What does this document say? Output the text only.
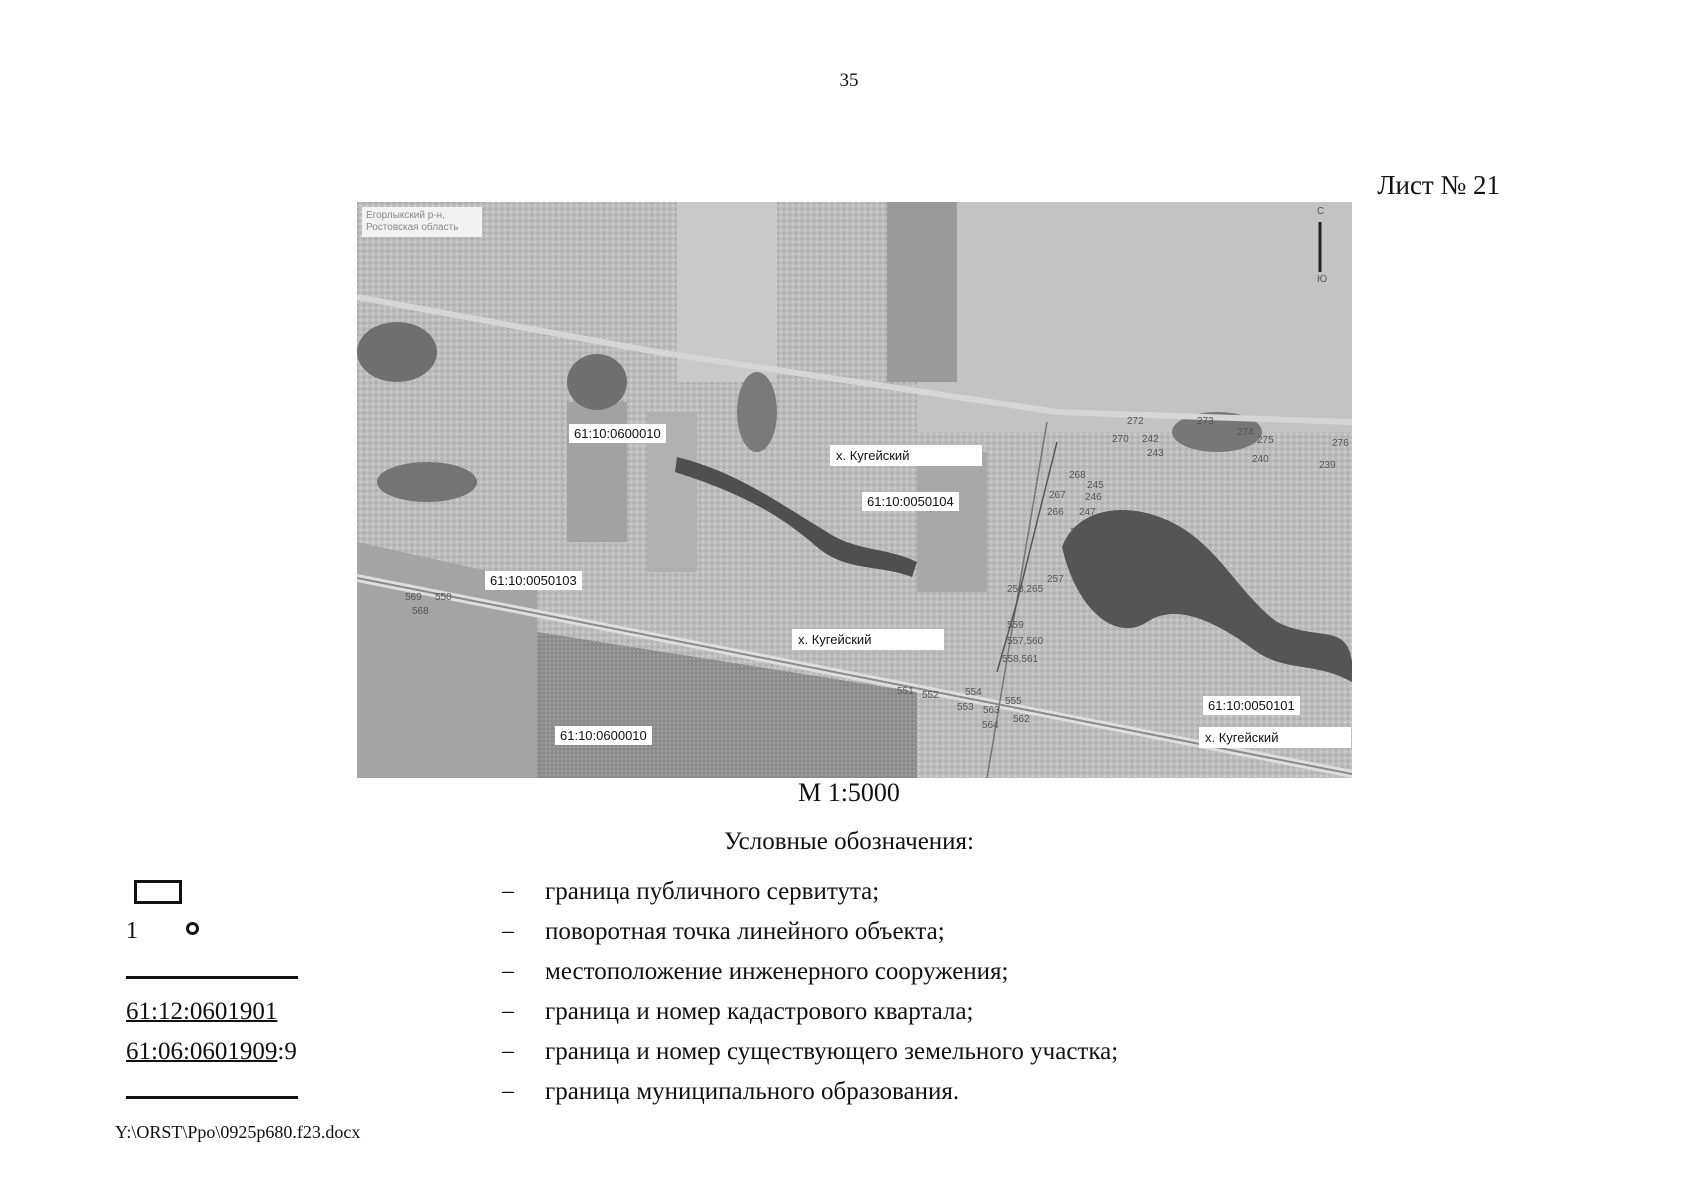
35
Лист № 21
Егорлыкский р-н, Ростовская область
С
Ю
61:10:0600010
х. Кугейский
61:10:0050104
61:10:0050103
х. Кугейский
61:10:0600010
61:10:0050101
х. Кугейский
272	273
270 242
243
274
275	276
239
240
268
245
267 246
266 247
248
249
257
258,265
559
557,560
558,561
569 550
568
554
553
555
563
564
562
552
551
М 1:5000
Условные обозначения:
– граница публичного сервитута;
1	– поворотная точка линейного объекта;
– местоположение инженерного сооружения;
61:12:0601901	– граница и номер кадастрового квартала;
61:06:0601909:9	– граница и номер существующего земельного участка;
– граница муниципального образования.
Y:\ORST\Ppo\0925p680.f23.docx
